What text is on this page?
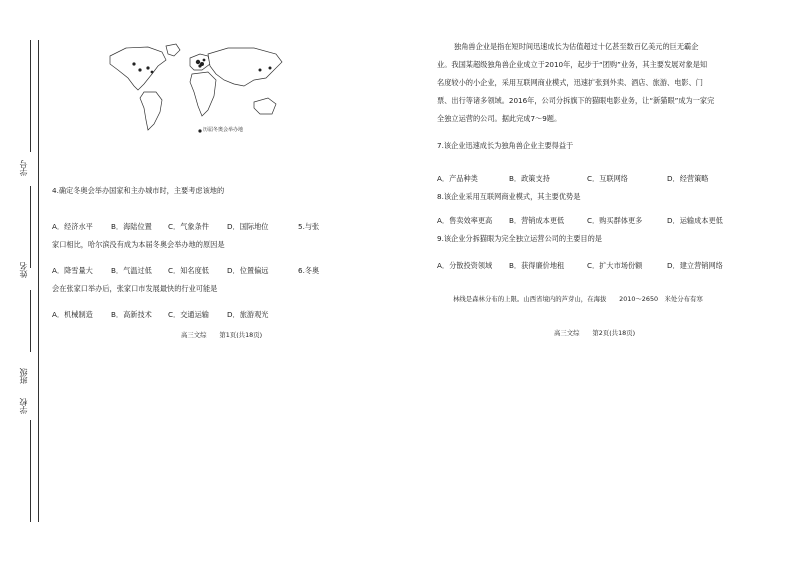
学号
姓名
班级
学校
历届冬奥会举办地
4.确定冬奥会举办国家和主办城市时，主要考虑该地的
A．经济水平	B．海陆位置 C．气象条件	D．国际地位	5.与张
家口相比，哈尔滨没有成为本届冬奥会举办地的原因是
A．降雪量大	B．气温过低 C．知名度低	D．位置偏远	6.冬奥
会在张家口举办后，张家口市发展最快的行业可能是
A．机械制造	B．高新技术 C．交通运输	D．旅游观光
高三文综　　第1页(共18页)
独角兽企业是指在短时间迅速成长为估值超过十亿甚至数百亿美元的巨无霸企
业。我国某超级独角兽企业成立于2010年，起步于“团购”业务，其主要发展对象是知
名度较小的小企业，采用互联网商业模式，迅速扩张到外卖、酒店、旅游、电影、门
票、出行等诸多领域。2016年，公司分拆旗下的猫眼电影业务，让“新猫眼”成为一家完
全独立运营的公司。据此完成7～9题。
7.该企业迅速成长为独角兽企业主要得益于
A．产品种类	B．政策支持	C．互联网络	D．经营策略
8.该企业采用互联网商业模式，其主要优势是
A．售卖效率更高 B．营销成本更低	C．购买群体更多	D．运输成本更低
9.该企业分拆猫眼为完全独立运营公司的主要目的是
A．分散投资领域 B．获得廉价地租	C．扩大市场份额	D．建立营销网络
林线是森林分布的上限。山西省境内的芦芽山，在海拔　　2010～2650　米处分布有寒
高三文综　　第2页(共18页)
